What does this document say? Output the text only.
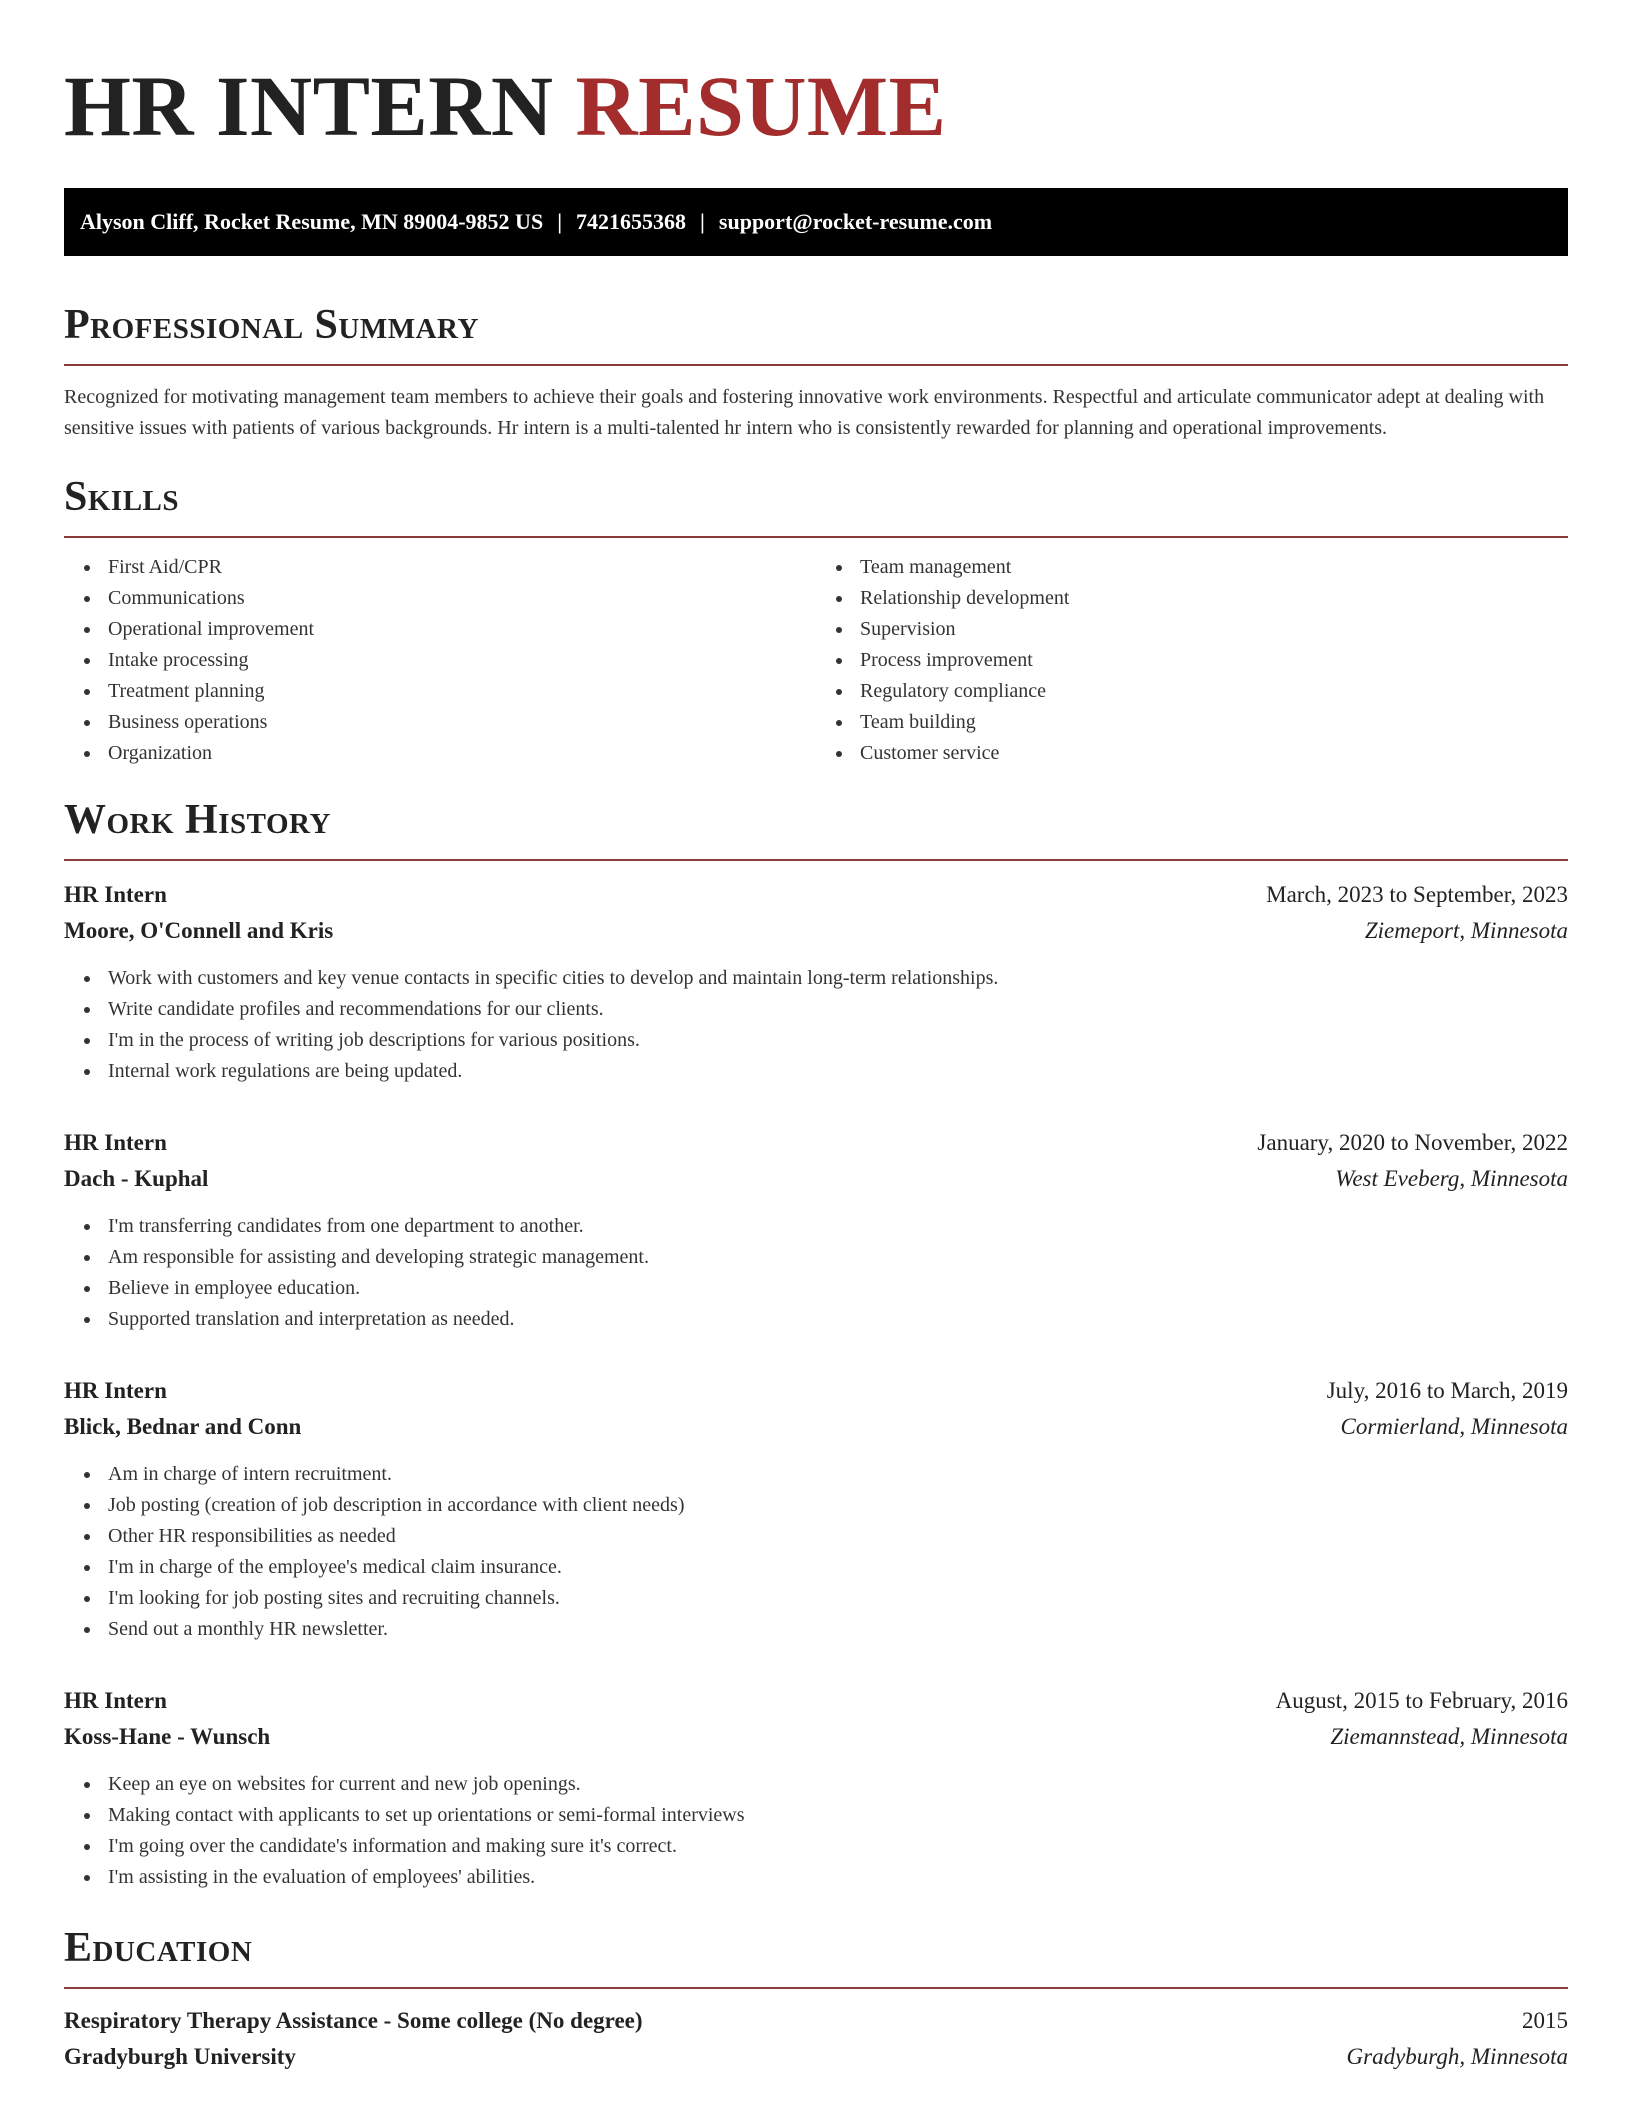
HR INTERN RESUME
Alyson Cliff, Rocket Resume, MN 89004-9852 US | 7421655368 | support@rocket-resume.com
Professional Summary

Recognized for motivating management team members to achieve their goals and fostering innovative work environments. Respectful and articulate communicator adept at dealing with sensitive issues with patients of various backgrounds. Hr intern is a multi-talented hr intern who is consistently rewarded for planning and operational improvements.

Skills
First Aid/CPR
Communications
Operational improvement
Intake processing
Treatment planning
Business operations
Organization
Team management
Relationship development
Supervision
Process improvement
Regulatory compliance
Team building
Customer service
Work History
HR Intern	March, 2023 to September, 2023
Moore, O'Connell and Kris	Ziemeport, Minnesota
Work with customers and key venue contacts in specific cities to develop and maintain long-term relationships.
Write candidate profiles and recommendations for our clients.
I'm in the process of writing job descriptions for various positions.
Internal work regulations are being updated.
HR Intern	January, 2020 to November, 2022
Dach - Kuphal	West Eveberg, Minnesota
I'm transferring candidates from one department to another.
Am responsible for assisting and developing strategic management.
Believe in employee education.
Supported translation and interpretation as needed.
HR Intern	July, 2016 to March, 2019
Blick, Bednar and Conn	Cormierland, Minnesota
Am in charge of intern recruitment.
Job posting (creation of job description in accordance with client needs)
Other HR responsibilities as needed
I'm in charge of the employee's medical claim insurance.
I'm looking for job posting sites and recruiting channels.
Send out a monthly HR newsletter.
HR Intern	August, 2015 to February, 2016
Koss-Hane - Wunsch	Ziemannstead, Minnesota
Keep an eye on websites for current and new job openings.
Making contact with applicants to set up orientations or semi-formal interviews
I'm going over the candidate's information and making sure it's correct.
I'm assisting in the evaluation of employees' abilities.
Education
Respiratory Therapy Assistance - Some college (No degree)	2015
Gradyburgh University	Gradyburgh, Minnesota
